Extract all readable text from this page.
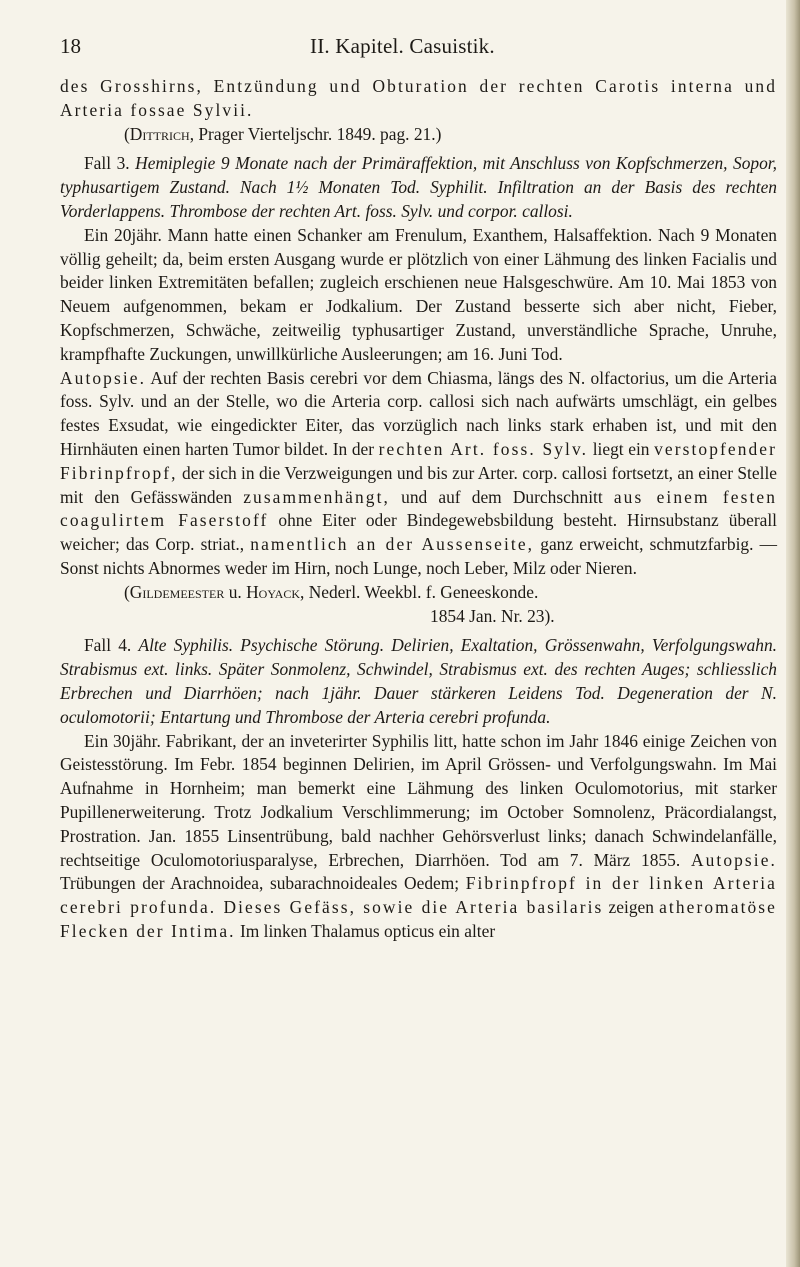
18	II. Kapitel. Casuistik.

des Grosshirns, Entzündung und Obturation der rechten Carotis interna und Arteria fossae Sylvii.

(Dittrich, Prager Vierteljschr. 1849. pag. 21.)

Fall 3. Hemiplegie 9 Monate nach der Primäraffektion, mit Anschluss von Kopfschmerzen, Sopor, typhusartigem Zustand. Nach 1½ Monaten Tod. Syphilit. Infiltration an der Basis des rechten Vorderlappens. Thrombose der rechten Art. foss. Sylv. und corpor. callosi.

Ein 20jähr. Mann hatte einen Schanker am Frenulum, Exanthem, Halsaffektion. Nach 9 Monaten völlig geheilt; da, beim ersten Ausgang wurde er plötzlich von einer Lähmung des linken Facialis und beider linken Extremitäten befallen; zugleich erschienen neue Halsgeschwüre. Am 10. Mai 1853 von Neuem aufgenommen, bekam er Jodkalium. Der Zustand besserte sich aber nicht, Fieber, Kopfschmerzen, Schwäche, zeitweilig typhusartiger Zustand, unverständliche Sprache, Unruhe, krampfhafte Zuckungen, unwillkürliche Ausleerungen; am 16. Juni Tod.

Autopsie. Auf der rechten Basis cerebri vor dem Chiasma, längs des N. olfactorius, um die Arteria foss. Sylv. und an der Stelle, wo die Arteria corp. callosi sich nach aufwärts umschlägt, ein gelbes festes Exsudat, wie eingedickter Eiter, das vorzüglich nach links stark erhaben ist, und mit den Hirnhäuten einen harten Tumor bildet. In der rechten Art. foss. Sylv. liegt ein verstopfender Fibrinpfropf, der sich in die Verzweigungen und bis zur Arter. corp. callosi fortsetzt, an einer Stelle mit den Gefässwänden zusammenhängt, und auf dem Durchschnitt aus einem festen coagulirtem Faserstoff ohne Eiter oder Bindegewebsbildung besteht. Hirnsubstanz überall weicher; das Corp. striat., namentlich an der Aussenseite, ganz erweicht, schmutzfarbig. — Sonst nichts Abnormes weder im Hirn, noch Lunge, noch Leber, Milz oder Nieren.

(Gildemeester u. Hoyack, Nederl. Weekbl. f. Geneeskonde.

1854 Jan. Nr. 23).

Fall 4. Alte Syphilis. Psychische Störung. Delirien, Exaltation, Grössenwahn, Verfolgungswahn. Strabismus ext. links. Später Sonmolenz, Schwindel, Strabismus ext. des rechten Auges; schliesslich Erbrechen und Diarrhöen; nach 1jähr. Dauer stärkeren Leidens Tod. Degeneration der N. oculomotorii; Entartung und Thrombose der Arteria cerebri profunda.

Ein 30jähr. Fabrikant, der an inveterirter Syphilis litt, hatte schon im Jahr 1846 einige Zeichen von Geistesstörung. Im Febr. 1854 beginnen Delirien, im April Grössen- und Verfolgungswahn. Im Mai Aufnahme in Hornheim; man bemerkt eine Lähmung des linken Oculomotorius, mit starker Pupillenerweiterung. Trotz Jodkalium Verschlimmerung; im October Somnolenz, Präcordialangst, Prostration. Jan. 1855 Linsentrübung, bald nachher Gehörsverlust links; danach Schwindelanfälle, rechtseitige Oculomotoriusparalyse, Erbrechen, Diarrhöen. Tod am 7. März 1855. Autopsie. Trübungen der Arachnoidea, subarachnoideales Oedem; Fibrinpfropf in der linken Arteria cerebri profunda. Dieses Gefäss, sowie die Arteria basilaris zeigen atheromatöse Flecken der Intima. Im linken Thalamus opticus ein alter
